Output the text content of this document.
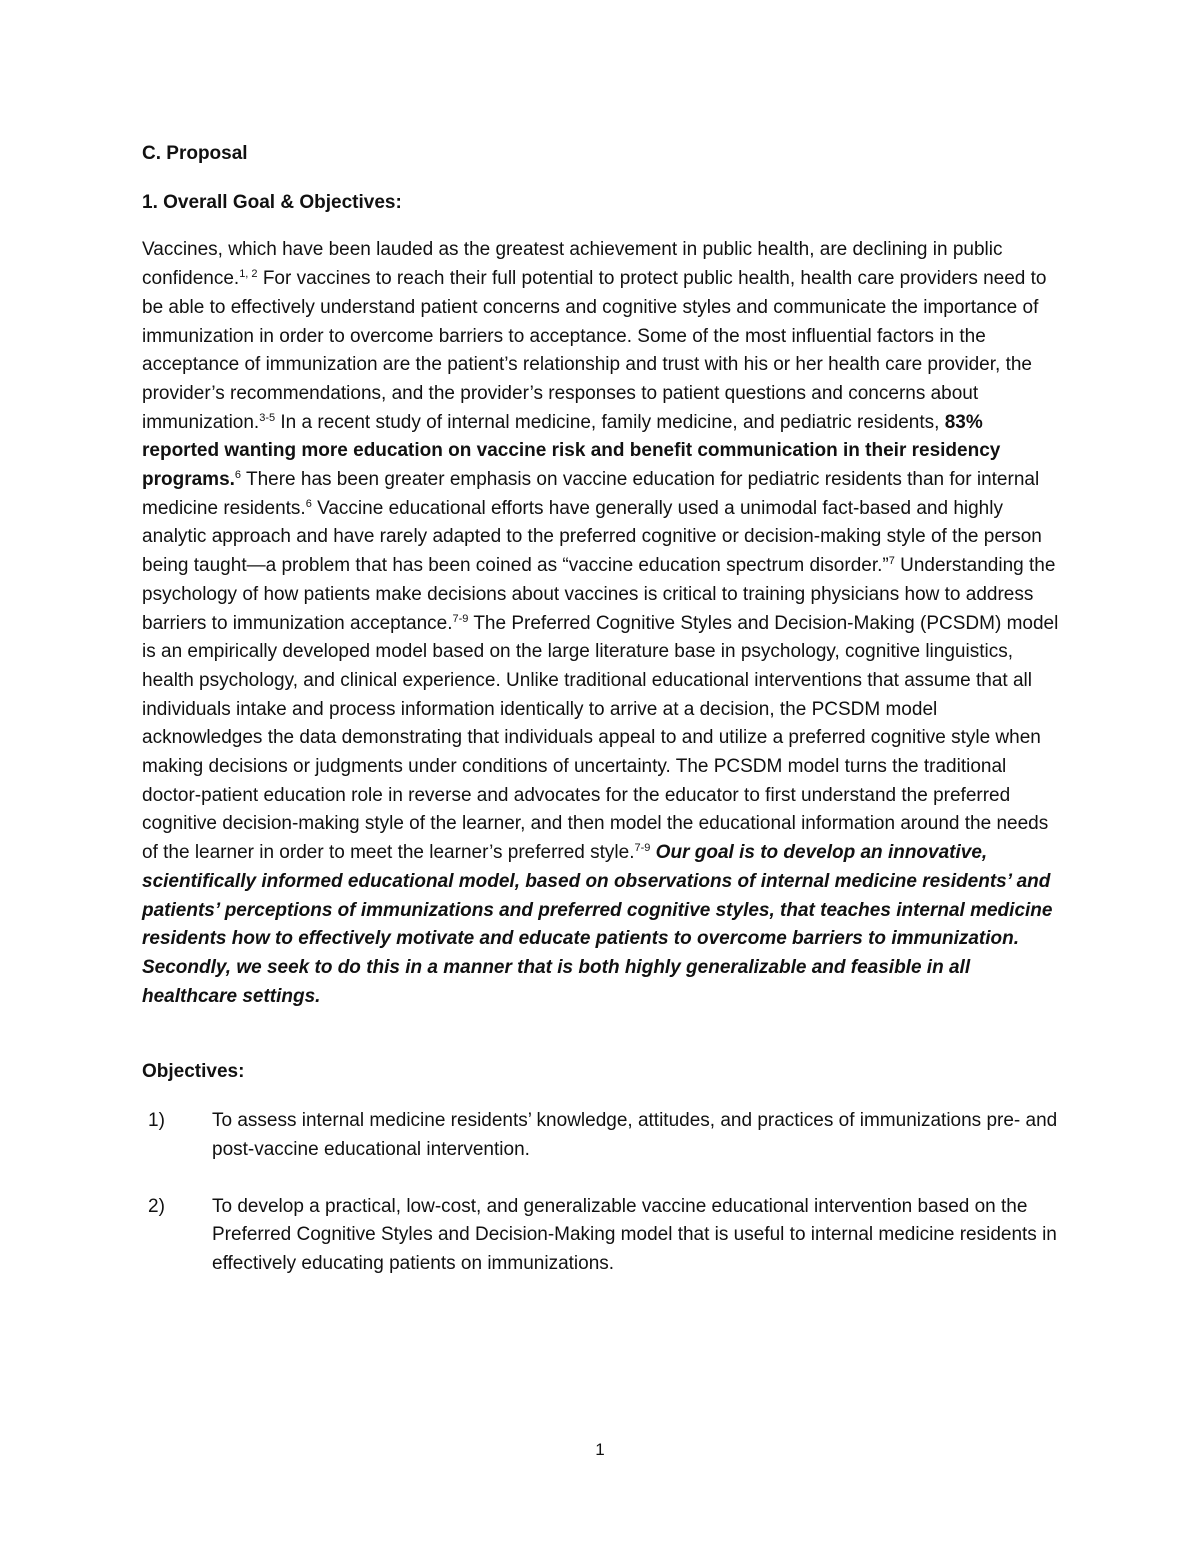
C. Proposal

1. Overall Goal & Objectives:

Vaccines, which have been lauded as the greatest achievement in public health, are declining in public confidence.$^{1, 2}$ For vaccines to reach their full potential to protect public health, health care providers need to be able to effectively understand patient concerns and cognitive styles and communicate the importance of immunization in order to overcome barriers to acceptance. Some of the most influential factors in the acceptance of immunization are the patient’s relationship and trust with his or her health care provider, the provider’s recommendations, and the provider’s responses to patient questions and concerns about immunization.$^{3-5}$ In a recent study of internal medicine, family medicine, and pediatric residents, 83% reported wanting more education on vaccine risk and benefit communication in their residency programs.$^6$ There has been greater emphasis on vaccine education for pediatric residents than for internal medicine residents.$^6$ Vaccine educational efforts have generally used a unimodal fact-based and highly analytic approach and have rarely adapted to the preferred cognitive or decision-making style of the person being taught—a problem that has been coined as “vaccine education spectrum disorder.”$^7$ Understanding the psychology of how patients make decisions about vaccines is critical to training physicians how to address barriers to immunization acceptance.$^{7-9}$ The Preferred Cognitive Styles and Decision-Making (PCSDM) model is an empirically developed model based on the large literature base in psychology, cognitive linguistics, health psychology, and clinical experience. Unlike traditional educational interventions that assume that all individuals intake and process information identically to arrive at a decision, the PCSDM model acknowledges the data demonstrating that individuals appeal to and utilize a preferred cognitive style when making decisions or judgments under conditions of uncertainty. The PCSDM model turns the traditional doctor-patient education role in reverse and advocates for the educator to first understand the preferred cognitive decision-making style of the learner, and then model the educational information around the needs of the learner in order to meet the learner’s preferred style.$^{7-9}$ Our goal is to develop an innovative, scientifically informed educational model, based on observations of internal medicine residents’ and patients’ perceptions of immunizations and preferred cognitive styles, that teaches internal medicine residents how to effectively motivate and educate patients to overcome barriers to immunization. Secondly, we seek to do this in a manner that is both highly generalizable and feasible in all healthcare settings.

Objectives:

1)	To assess internal medicine residents’ knowledge, attitudes, and practices of immunizations pre- and post-vaccine educational intervention.
2)	To develop a practical, low-cost, and generalizable vaccine educational intervention based on the Preferred Cognitive Styles and Decision-Making model that is useful to internal medicine residents in effectively educating patients on immunizations.
1
